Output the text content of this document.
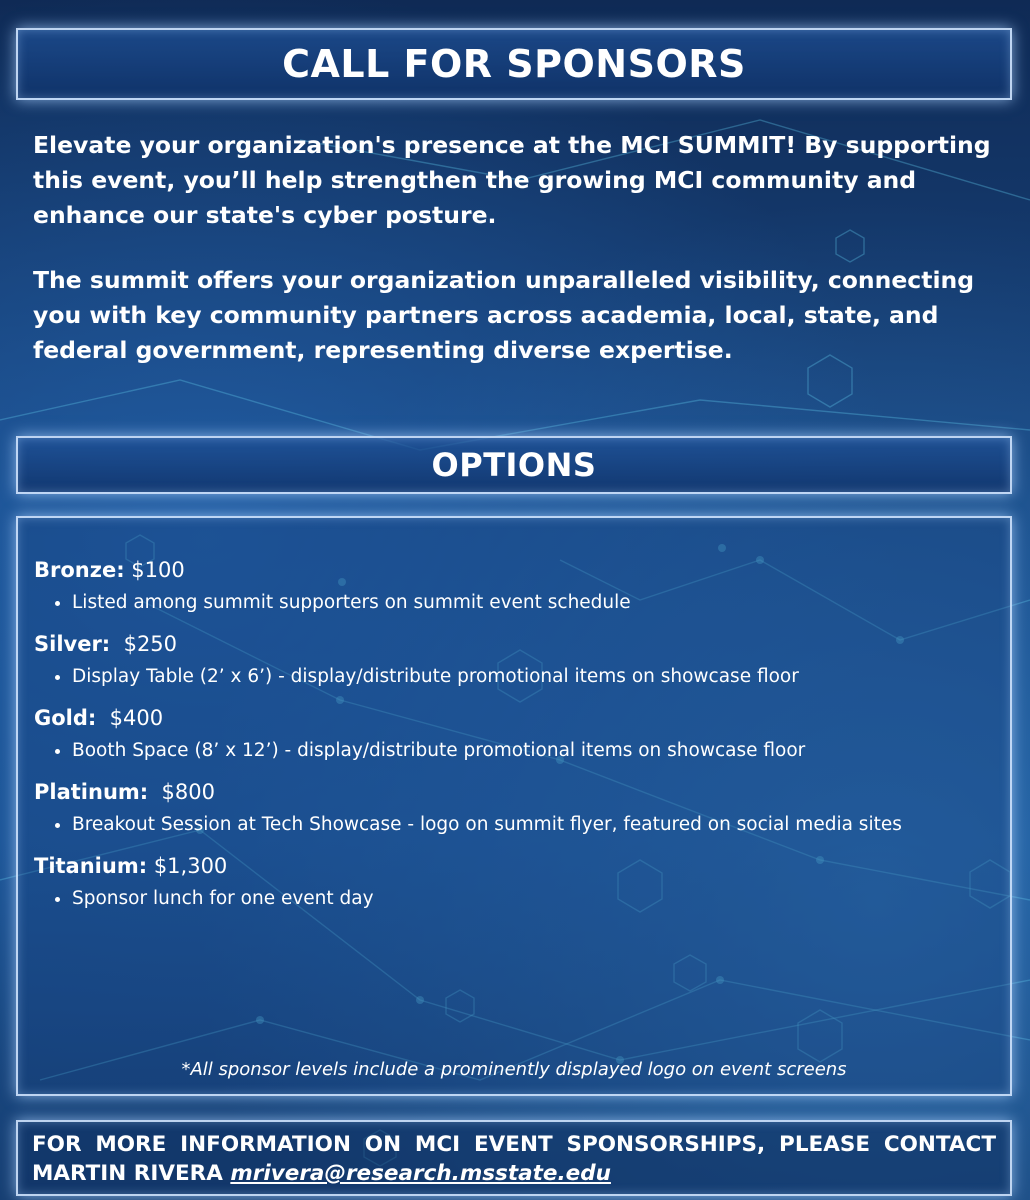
CALL FOR SPONSORS

Elevate your organization's presence at the MCI SUMMIT! By supporting this event, you’ll help strengthen the growing MCI community and enhance our state's cyber posture.

The summit offers your organization unparalleled visibility, connecting you with key community partners across academia, local, state, and federal government, representing diverse expertise.

OPTIONS
Bronze: $100
• Listed among summit supporters on summit event schedule
Silver: $250
• Display Table (2’ x 6’) - display/distribute promotional items on showcase floor
Gold: $400
• Booth Space (8’ x 12’) - display/distribute promotional items on showcase floor
Platinum: $800
• Breakout Session at Tech Showcase - logo on summit flyer, featured on social media sites
Titanium: $1,300
• Sponsor lunch for one event day
*All sponsor levels include a prominently displayed logo on event screens
FOR MORE INFORMATION ON MCI EVENT SPONSORSHIPS, PLEASE CONTACT MARTIN RIVERA mrivera@research.msstate.edu
